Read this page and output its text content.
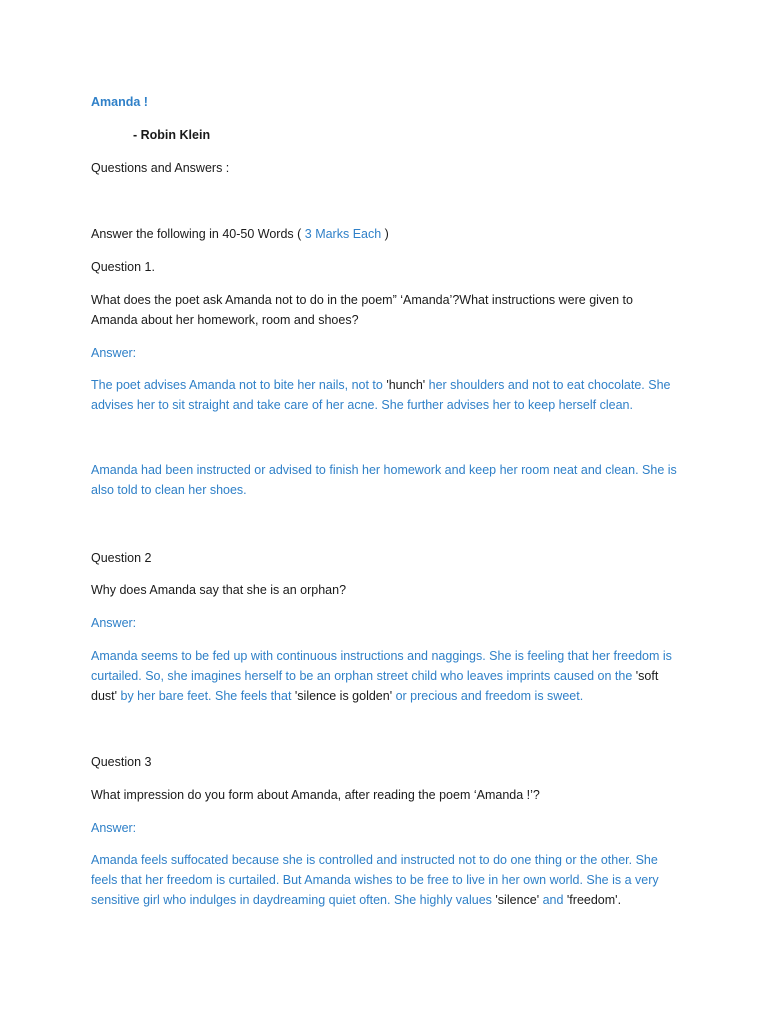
Amanda !

- Robin Klein

Questions and Answers :

Answer the following in 40-50 Words ( 3 Marks Each )

Question 1.

What does the poet ask Amanda not to do in the poem” ‘Amanda’?What instructions were given to Amanda about her homework, room and shoes?

Answer:

The poet advises Amanda not to bite her nails, not to 'hunch' her shoulders and not to eat chocolate. She advises her to sit straight and take care of her acne. She further advises her to keep herself clean.

Amanda had been instructed or advised to finish her homework and keep her room neat and clean. She is also told to clean her shoes.

Question 2

Why does Amanda say that she is an orphan?

Answer:

Amanda seems to be fed up with continuous instructions and naggings. She is feeling that her freedom is curtailed. So, she imagines herself to be an orphan street child who leaves imprints caused on the 'soft dust' by her bare feet. She feels that 'silence is golden' or precious and freedom is sweet.

Question 3

What impression do you form about Amanda, after reading the poem ‘Amanda !’?

Answer:

Amanda feels suffocated because she is controlled and instructed not to do one thing or the other. She feels that her freedom is curtailed. But Amanda wishes to be free to live in her own world. She is a very sensitive girl who indulges in daydreaming quiet often. She highly values 'silence' and 'freedom'.
